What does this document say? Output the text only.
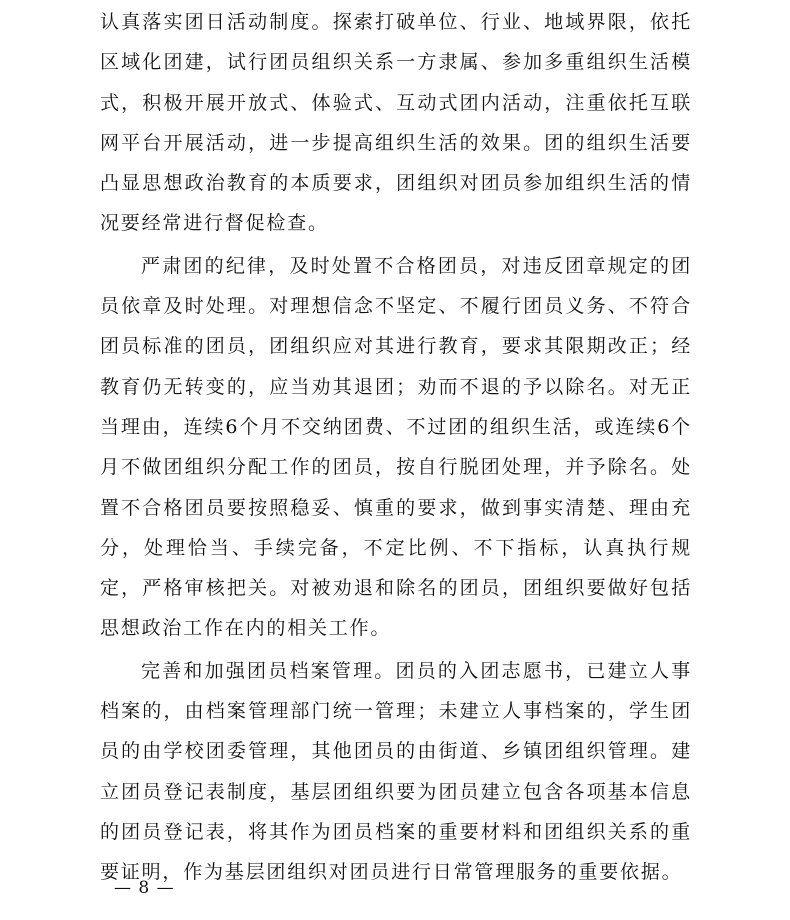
认真落实团日活动制度。探索打破单位、行业、地域界限，依托区域化团建，试行团员组织关系一方隶属、参加多重组织生活模式，积极开展开放式、体验式、互动式团内活动，注重依托互联网平台开展活动，进一步提高组织生活的效果。团的组织生活要凸显思想政治教育的本质要求，团组织对团员参加组织生活的情况要经常进行督促检查。

严肃团的纪律，及时处置不合格团员，对违反团章规定的团员依章及时处理。对理想信念不坚定、不履行团员义务、不符合团员标准的团员，团组织应对其进行教育，要求其限期改正；经教育仍无转变的，应当劝其退团；劝而不退的予以除名。对无正当理由，连续6个月不交纳团费、不过团的组织生活，或连续6个月不做团组织分配工作的团员，按自行脱团处理，并予除名。处置不合格团员要按照稳妥、慎重的要求，做到事实清楚、理由充分，处理恰当、手续完备，不定比例、不下指标，认真执行规定，严格审核把关。对被劝退和除名的团员，团组织要做好包括思想政治工作在内的相关工作。

完善和加强团员档案管理。团员的入团志愿书，已建立人事档案的，由档案管理部门统一管理；未建立人事档案的，学生团员的由学校团委管理，其他团员的由街道、乡镇团组织管理。建立团员登记表制度，基层团组织要为团员建立包含各项基本信息的团员登记表，将其作为团员档案的重要材料和团组织关系的重要证明，作为基层团组织对团员进行日常管理服务的重要依据。

— 8 —
